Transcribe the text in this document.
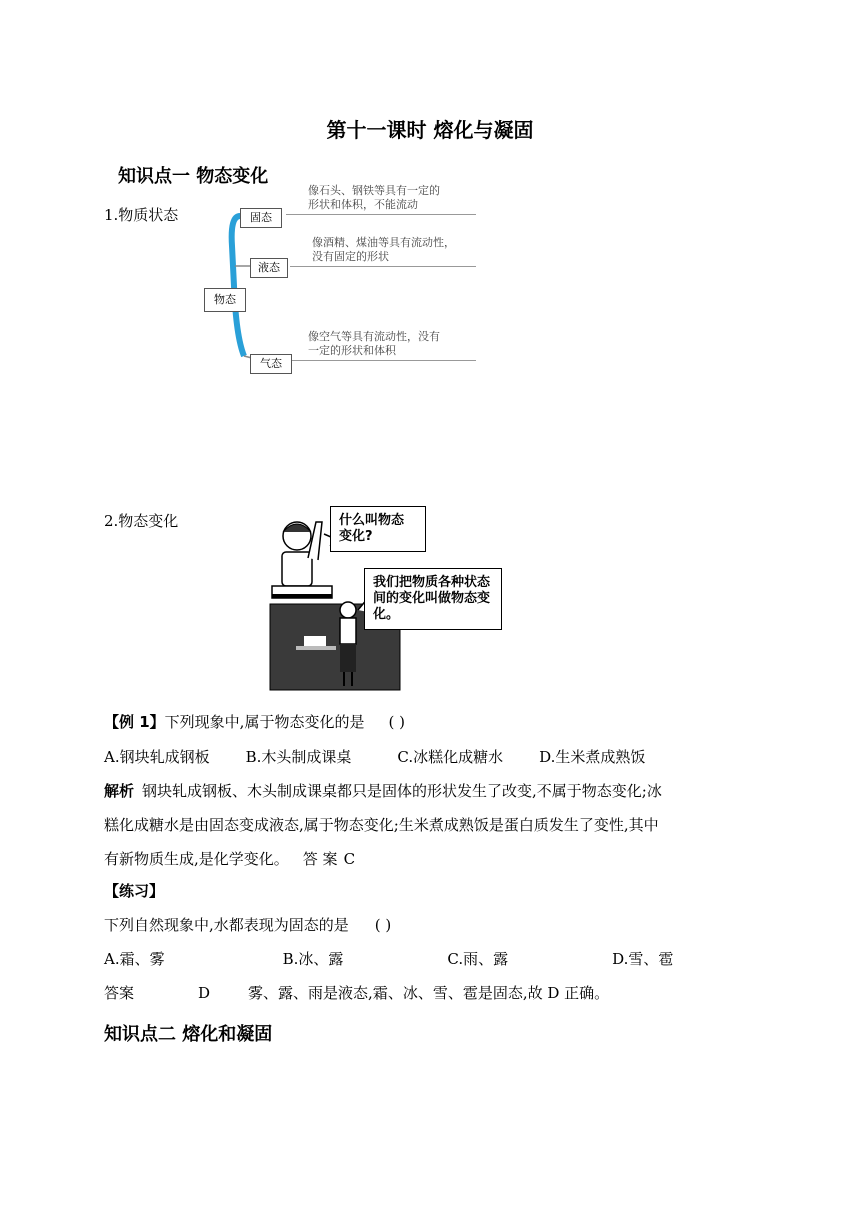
第十一课时 熔化与凝固
知识点一 物态变化
1.物质状态
物态
固态
液态
气态
像石头、钢铁等具有一定的
形状和体积，不能流动
像酒精、煤油等具有流动性，
没有固定的形状
像空气等具有流动性，没有
一定的形状和体积
2.物态变化	什么叫物态
变化?
我们把物质各种状态
间的变化叫做物态变
化。
【例 1】下列现象中,属于物态变化的是 ( )
A.钢块轧成钢板 B.木头制成课桌	C.冰糕化成糖水 D.生米煮成熟饭
解析 钢块轧成钢板、木头制成课桌都只是固体的形状发生了改变,不属于物态变化;冰
糕化成糖水是由固态变成液态,属于物态变化;生米煮成熟饭是蛋白质发生了变性,其中
有新物质生成,是化学变化。 答 案 C
【练习】
下列自然现象中,水都表现为固态的是 ( )
A.霜、雾	B.冰、露	C.雨、露	D.雪、雹
答案	D	雾、露、雨是液态,霜、冰、雪、雹是固态,故 D 正确。
知识点二 熔化和凝固
